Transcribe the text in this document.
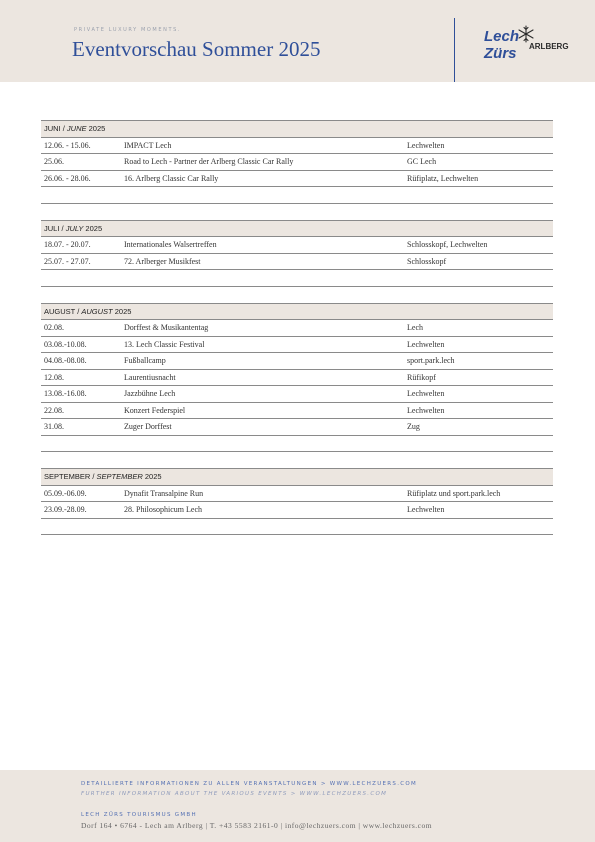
PRIVATE LUXURY MOMENTS.
Eventvorschau Sommer 2025
Lech
Zürs ARLBERG
JUNI / JUNE 2025		
12.06. - 15.06.	IMPACT Lech	Lechwelten
25.06.	Road to Lech - Partner der Arlberg Classic Car Rally	GC Lech
26.06. - 28.06.	16. Arlberg Classic Car Rally	Rüfiplatz, Lechwelten

JULI / JULY 2025		
18.07. - 20.07.	Internationales Walsertreffen	Schlosskopf, Lechwelten
25.07. - 27.07.	72. Arlberger Musikfest	Schlosskopf

AUGUST / AUGUST 2025		
02.08.	Dorffest & Musikantentag	Lech
03.08.-10.08.	13. Lech Classic Festival	Lechwelten
04.08.-08.08.	Fußballcamp	sport.park.lech
12.08.	Laurentiusnacht	Rüfikopf
13.08.-16.08.	Jazzbühne Lech	Lechwelten
22.08.	Konzert Federspiel	Lechwelten
31.08.	Zuger Dorffest	Zug

SEPTEMBER / SEPTEMBER 2025		
05.09.-06.09.	Dynafit Transalpine Run	Rüfiplatz und sport.park.lech
23.09.-28.09.	28. Philosophicum Lech	Lechwelten

DETAILLIERTE INFORMATIONEN ZU ALLEN VERANSTALTUNGEN > WWW.LECHZUERS.COM
FURTHER INFORMATION ABOUT THE VARIOUS EVENTS > WWW.LECHZUERS.COM
LECH ZÜRS TOURISMUS GMBH
Dorf 164 • 6764 - Lech am Arlberg | T. +43 5583 2161-0 | info@lechzuers.com | www.lechzuers.com
